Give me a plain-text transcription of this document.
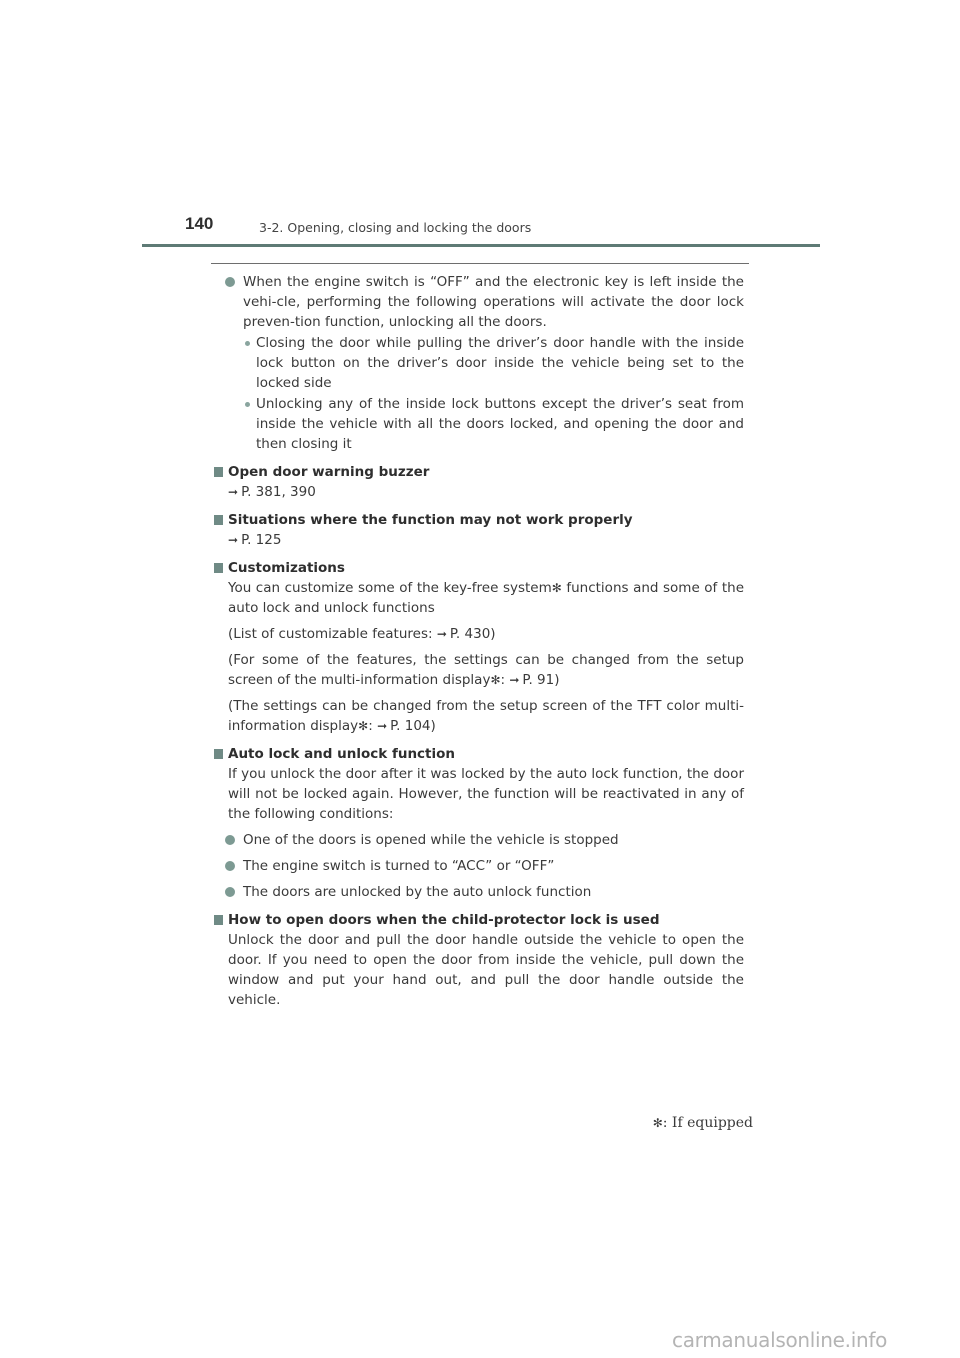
140	3-2. Opening, closing and locking the doors

When the engine switch is “OFF” and the electronic key is left inside the vehi-cle, performing the following operations will activate the door lock preven-tion function, unlocking all the doors.

Closing the door while pulling the driver’s door handle with the inside lock button on the driver’s door inside the vehicle being set to the locked side

Unlocking any of the inside lock buttons except the driver’s seat from inside the vehicle with all the doors locked, and opening the door and then closing it

Open door warning buzzer

➞ P. 381, 390

Situations where the function may not work properly

➞ P. 125

Customizations

You can customize some of the key-free system✻ functions and some of the auto lock and unlock functions

(List of customizable features: ➞ P. 430)

(For some of the features, the settings can be changed from the setup screen of the multi-information display✻: ➞ P. 91)

(The settings can be changed from the setup screen of the TFT color multi-information display✻: ➞ P. 104)

Auto lock and unlock function

If you unlock the door after it was locked by the auto lock function, the door will not be locked again. However, the function will be reactivated in any of the following conditions:

One of the doors is opened while the vehicle is stopped

The engine switch is turned to “ACC” or “OFF”

The doors are unlocked by the auto unlock function

How to open doors when the child-protector lock is used

Unlock the door and pull the door handle outside the vehicle to open the door. If you need to open the door from inside the vehicle, pull down the window and put your hand out, and pull the door handle outside the vehicle.

✻: If equipped
carmanualsonline.info
